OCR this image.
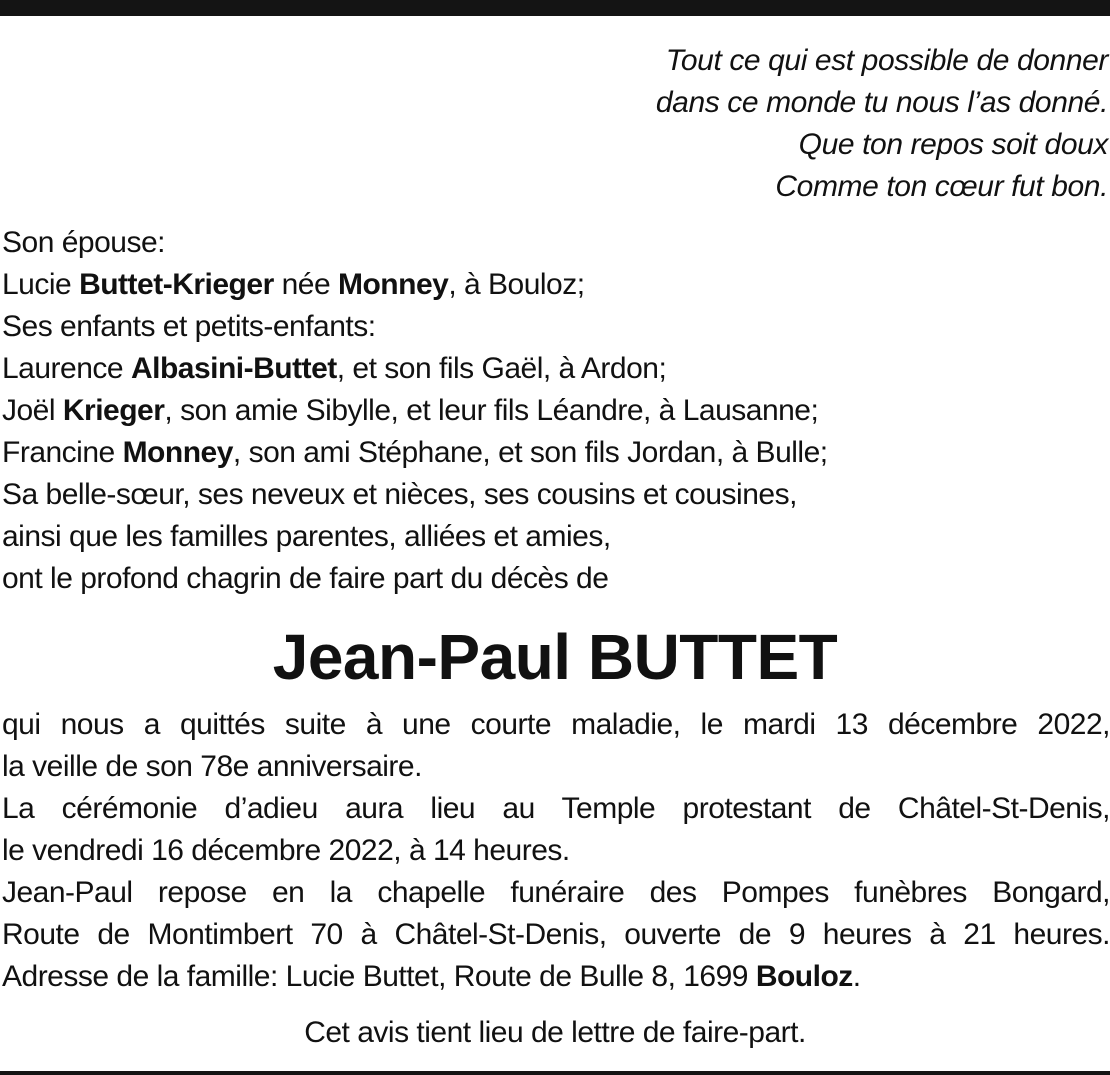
Tout ce qui est possible de donner
dans ce monde tu nous l’as donné.
Que ton repos soit doux
Comme ton cœur fut bon.
Son épouse:
Lucie Buttet-Krieger née Monney, à Bouloz;
Ses enfants et petits-enfants:
Laurence Albasini-Buttet, et son fils Gaël, à Ardon;
Joël Krieger, son amie Sibylle, et leur fils Léandre, à Lausanne;
Francine Monney, son ami Stéphane, et son fils Jordan, à Bulle;
Sa belle-sœur, ses neveux et nièces, ses cousins et cousines,
ainsi que les familles parentes, alliées et amies,
ont le profond chagrin de faire part du décès de
Jean-Paul BUTTET
qui nous a quittés suite à une courte maladie, le mardi 13 décembre 2022,
la veille de son 78e anniversaire.
La cérémonie d’adieu aura lieu au Temple protestant de Châtel-St-Denis,
le vendredi 16 décembre 2022, à 14 heures.
Jean-Paul repose en la chapelle funéraire des Pompes funèbres Bongard,
Route de Montimbert 70 à Châtel-St-Denis, ouverte de 9 heures à 21 heures.
Adresse de la famille: Lucie Buttet, Route de Bulle 8, 1699 Bouloz.
Cet avis tient lieu de lettre de faire-part.
